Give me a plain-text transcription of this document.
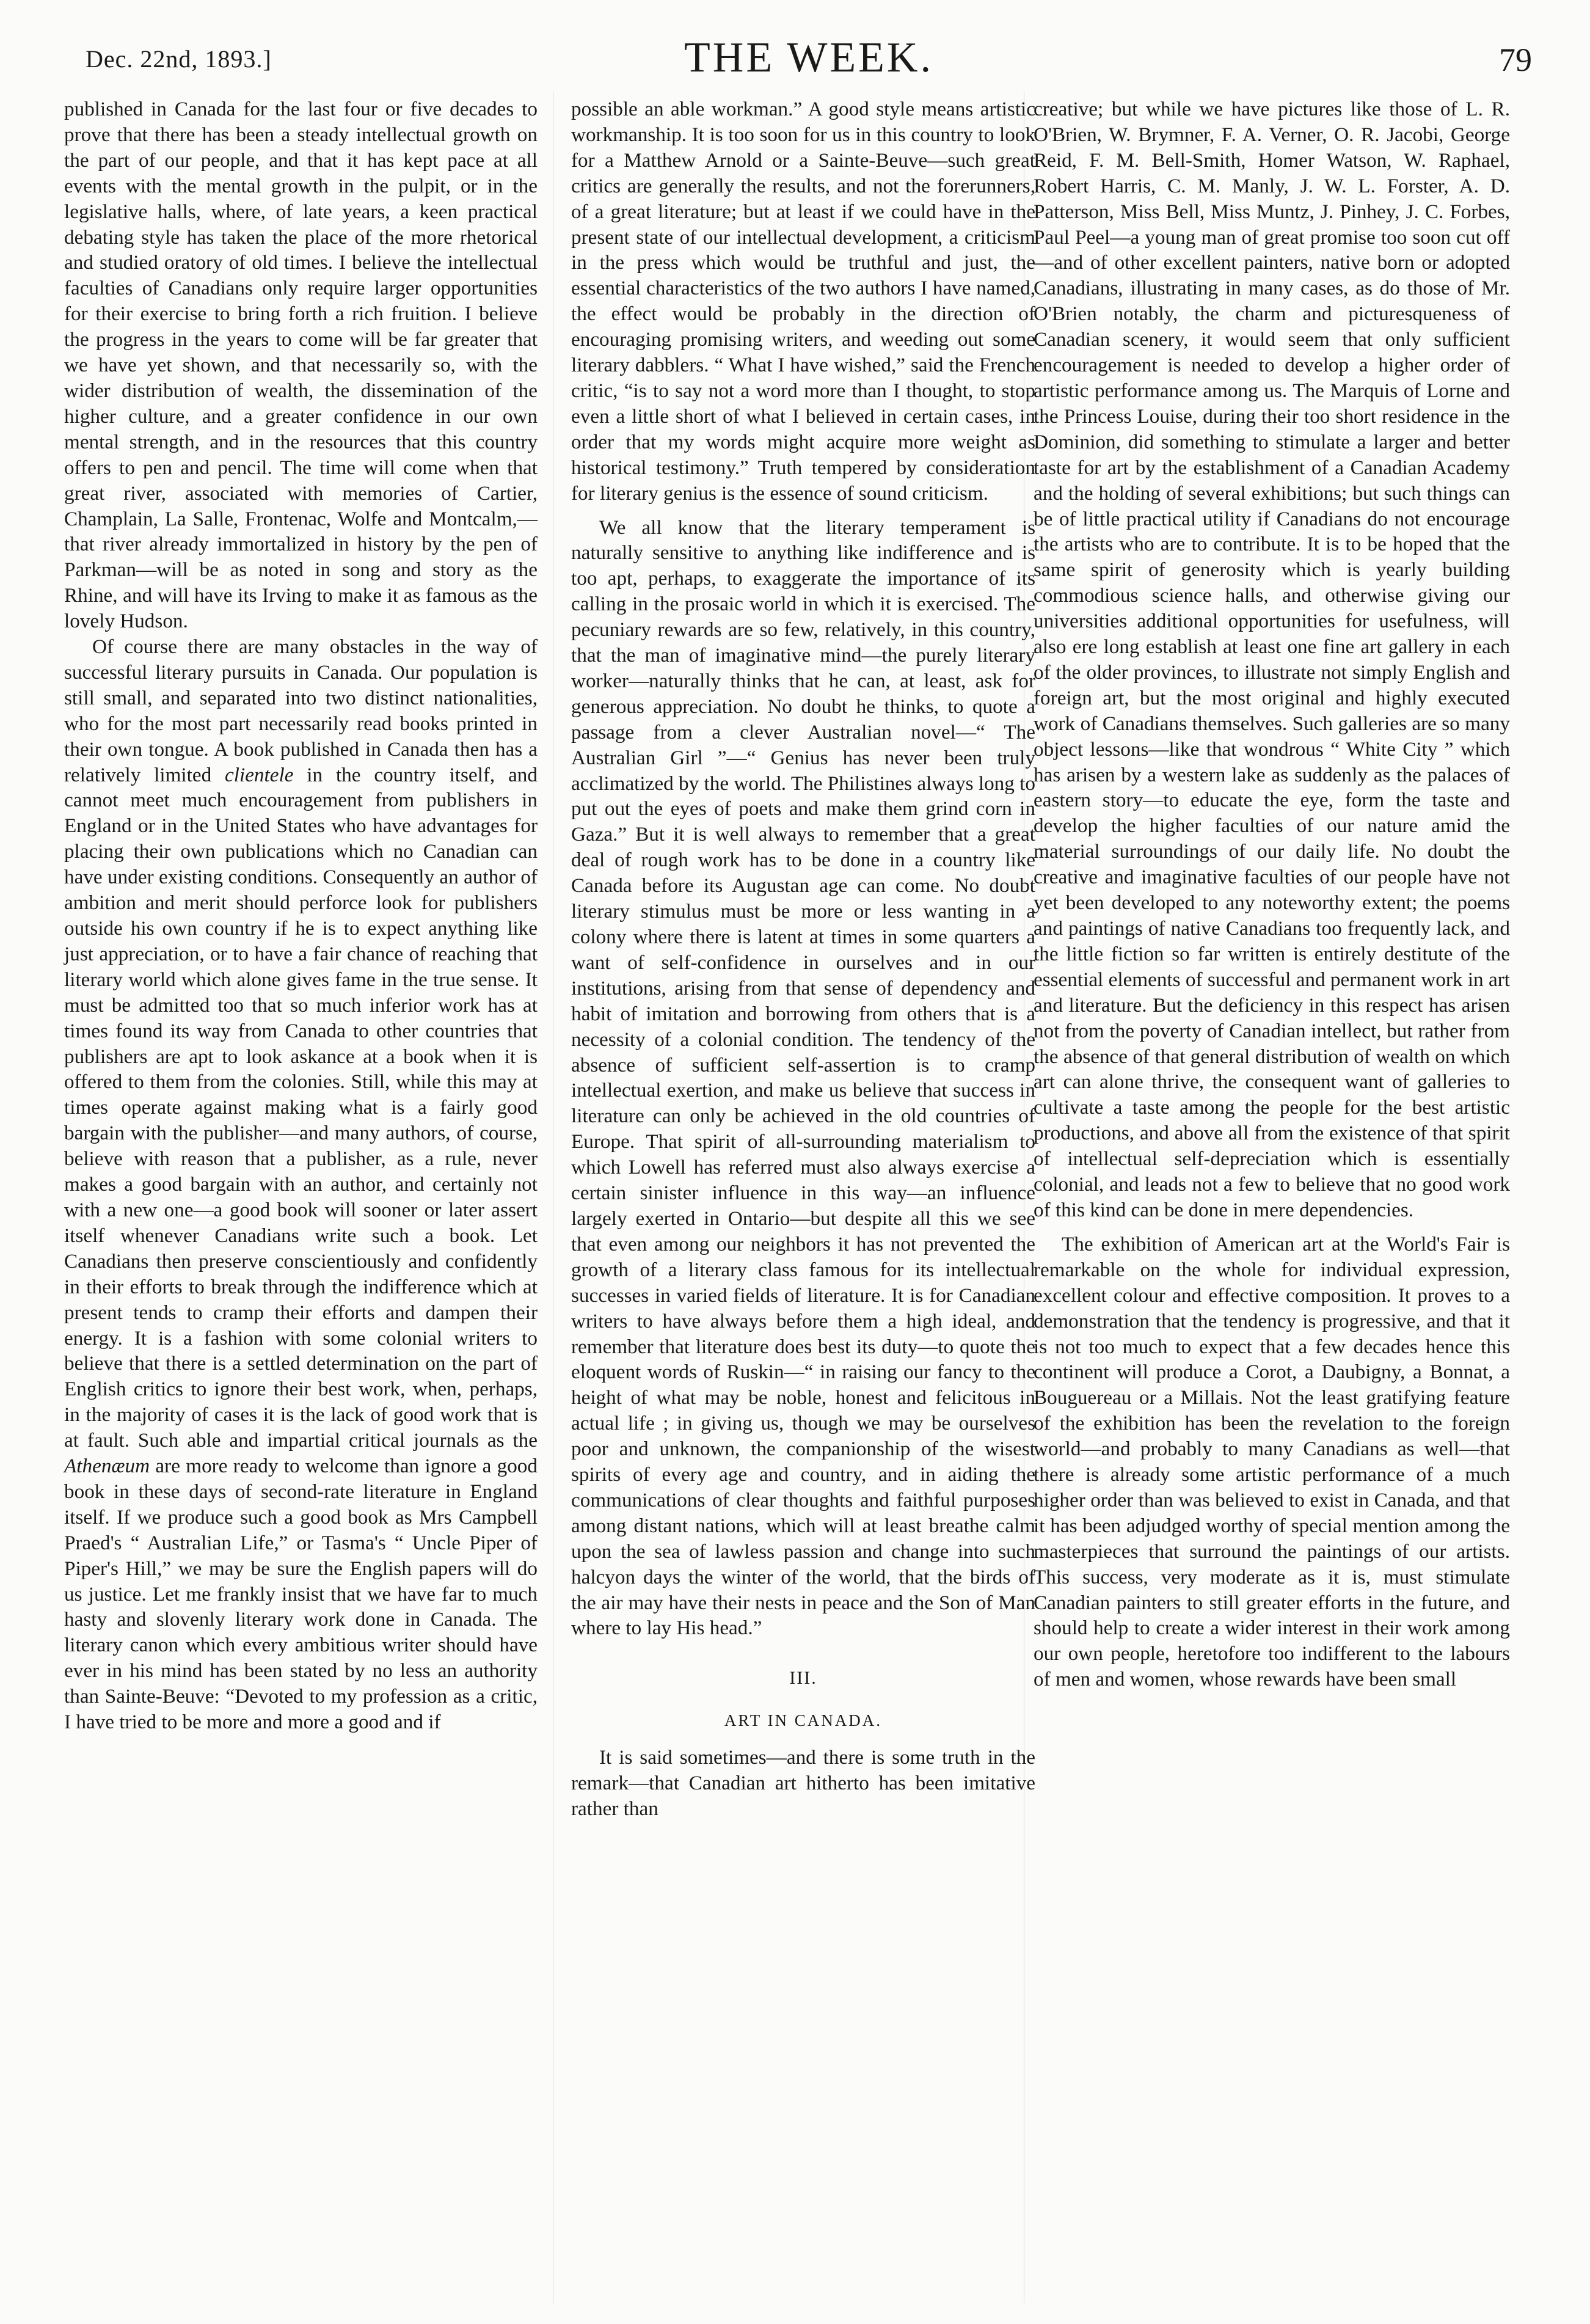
Dec. 22nd, 1893.]	THE WEEK.	79

published in Canada for the last four or five decades to prove that there has been a steady intellectual growth on the part of our people, and that it has kept pace at all events with the mental growth in the pulpit, or in the legislative halls, where, of late years, a keen practical debating style has taken the place of the more rhetorical and studied oratory of old times. I believe the intellectual faculties of Canadians only require larger opportunities for their exercise to bring forth a rich fruition. I believe the progress in the years to come will be far greater that we have yet shown, and that necessarily so, with the wider distribution of wealth, the dissemination of the higher culture, and a greater confidence in our own mental strength, and in the resources that this country offers to pen and pencil. The time will come when that great river, associated with memories of Cartier, Champlain, La Salle, Frontenac, Wolfe and Montcalm,—that river already immortalized in history by the pen of Parkman—will be as noted in song and story as the Rhine, and will have its Irving to make it as famous as the lovely Hudson.

Of course there are many obstacles in the way of successful literary pursuits in Canada. Our population is still small, and separated into two distinct nationalities, who for the most part necessarily read books printed in their own tongue. A book published in Canada then has a relatively limited clientele in the country itself, and cannot meet much encouragement from publishers in England or in the United States who have advantages for placing their own publications which no Canadian can have under existing conditions. Consequently an author of ambition and merit should perforce look for publishers outside his own country if he is to expect anything like just appreciation, or to have a fair chance of reaching that literary world which alone gives fame in the true sense. It must be admitted too that so much inferior work has at times found its way from Canada to other countries that publishers are apt to look askance at a book when it is offered to them from the colonies. Still, while this may at times operate against making what is a fairly good bargain with the publisher—and many authors, of course, believe with reason that a publisher, as a rule, never makes a good bargain with an author, and certainly not with a new one—a good book will sooner or later assert itself whenever Canadians write such a book. Let Canadians then preserve conscientiously and confidently in their efforts to break through the indifference which at present tends to cramp their efforts and dampen their energy. It is a fashion with some colonial writers to believe that there is a settled determination on the part of English critics to ignore their best work, when, perhaps, in the majority of cases it is the lack of good work that is at fault. Such able and impartial critical journals as the Athenæum are more ready to welcome than ignore a good book in these days of second-rate literature in England itself. If we produce such a good book as Mrs Campbell Praed's “ Australian Life,” or Tasma's “ Uncle Piper of Piper's Hill,” we may be sure the English papers will do us justice. Let me frankly insist that we have far to much hasty and slovenly literary work done in Canada. The literary canon which every ambitious writer should have ever in his mind has been stated by no less an authority than Sainte-Beuve: “Devoted to my profession as a critic, I have tried to be more and more a good and if

possible an able workman.” A good style means artistic workmanship. It is too soon for us in this country to look for a Matthew Arnold or a Sainte-Beuve—such great critics are generally the results, and not the forerunners, of a great literature; but at least if we could have in the present state of our intellectual development, a criticism in the press which would be truthful and just, the essential characteristics of the two authors I have named, the effect would be probably in the direction of encouraging promising writers, and weeding out some literary dabblers. “ What I have wished,” said the French critic, “is to say not a word more than I thought, to stop even a little short of what I believed in certain cases, in order that my words might acquire more weight as historical testimony.” Truth tempered by consideration for literary genius is the essence of sound criticism.

We all know that the literary temperament is naturally sensitive to anything like indifference and is too apt, perhaps, to exaggerate the importance of its calling in the prosaic world in which it is exercised. The pecuniary rewards are so few, relatively, in this country, that the man of imaginative mind—the purely literary worker—naturally thinks that he can, at least, ask for generous appreciation. No doubt he thinks, to quote a passage from a clever Australian novel—“ The Australian Girl ”—“ Genius has never been truly acclimatized by the world. The Philistines always long to put out the eyes of poets and make them grind corn in Gaza.” But it is well always to remember that a great deal of rough work has to be done in a country like Canada before its Augustan age can come. No doubt literary stimulus must be more or less wanting in a colony where there is latent at times in some quarters a want of self-confidence in ourselves and in our institutions, arising from that sense of dependency and habit of imitation and borrowing from others that is a necessity of a colonial condition. The tendency of the absence of sufficient self-assertion is to cramp intellectual exertion, and make us believe that success in literature can only be achieved in the old countries of Europe. That spirit of all-surrounding materialism to which Lowell has referred must also always exercise a certain sinister influence in this way—an influence largely exerted in Ontario—but despite all this we see that even among our neighbors it has not prevented the growth of a literary class famous for its intellectual successes in varied fields of literature. It is for Canadian writers to have always before them a high ideal, and remember that literature does best its duty—to quote the eloquent words of Ruskin—“ in raising our fancy to the height of what may be noble, honest and felicitous in actual life ; in giving us, though we may be ourselves poor and unknown, the companionship of the wisest spirits of every age and country, and in aiding the communications of clear thoughts and faithful purposes among distant nations, which will at least breathe calm upon the sea of lawless passion and change into such halcyon days the winter of the world, that the birds of the air may have their nests in peace and the Son of Man where to lay His head.”

III.
ART IN CANADA.

It is said sometimes—and there is some truth in the remark—that Canadian art hitherto has been imitative rather than

creative; but while we have pictures like those of L. R. O'Brien, W. Brymner, F. A. Verner, O. R. Jacobi, George Reid, F. M. Bell-Smith, Homer Watson, W. Raphael, Robert Harris, C. M. Manly, J. W. L. Forster, A. D. Patterson, Miss Bell, Miss Muntz, J. Pinhey, J. C. Forbes, Paul Peel—a young man of great promise too soon cut off—and of other excellent painters, native born or adopted Canadians, illustrating in many cases, as do those of Mr. O'Brien notably, the charm and picturesqueness of Canadian scenery, it would seem that only sufficient encouragement is needed to develop a higher order of artistic performance among us. The Marquis of Lorne and the Princess Louise, during their too short residence in the Dominion, did something to stimulate a larger and better taste for art by the establishment of a Canadian Academy and the holding of several exhibitions; but such things can be of little practical utility if Canadians do not encourage the artists who are to contribute. It is to be hoped that the same spirit of generosity which is yearly building commodious science halls, and otherwise giving our universities additional opportunities for usefulness, will also ere long establish at least one fine art gallery in each of the older provinces, to illustrate not simply English and foreign art, but the most original and highly executed work of Canadians themselves. Such galleries are so many object lessons—like that wondrous “ White City ” which has arisen by a western lake as suddenly as the palaces of eastern story—to educate the eye, form the taste and develop the higher faculties of our nature amid the material surroundings of our daily life. No doubt the creative and imaginative faculties of our people have not yet been developed to any noteworthy extent; the poems and paintings of native Canadians too frequently lack, and the little fiction so far written is entirely destitute of the essential elements of successful and permanent work in art and literature. But the deficiency in this respect has arisen not from the poverty of Canadian intellect, but rather from the absence of that general distribution of wealth on which art can alone thrive, the consequent want of galleries to cultivate a taste among the people for the best artistic productions, and above all from the existence of that spirit of intellectual self-depreciation which is essentially colonial, and leads not a few to believe that no good work of this kind can be done in mere dependencies.

The exhibition of American art at the World's Fair is remarkable on the whole for individual expression, excellent colour and effective composition. It proves to a demonstration that the tendency is progressive, and that it is not too much to expect that a few decades hence this continent will produce a Corot, a Daubigny, a Bonnat, a Bouguereau or a Millais. Not the least gratifying feature of the exhibition has been the revelation to the foreign world—and probably to many Canadians as well—that there is already some artistic performance of a much higher order than was believed to exist in Canada, and that it has been adjudged worthy of special mention among the masterpieces that surround the paintings of our artists. This success, very moderate as it is, must stimulate Canadian painters to still greater efforts in the future, and should help to create a wider interest in their work among our own people, heretofore too indifferent to the labours of men and women, whose rewards have been small
